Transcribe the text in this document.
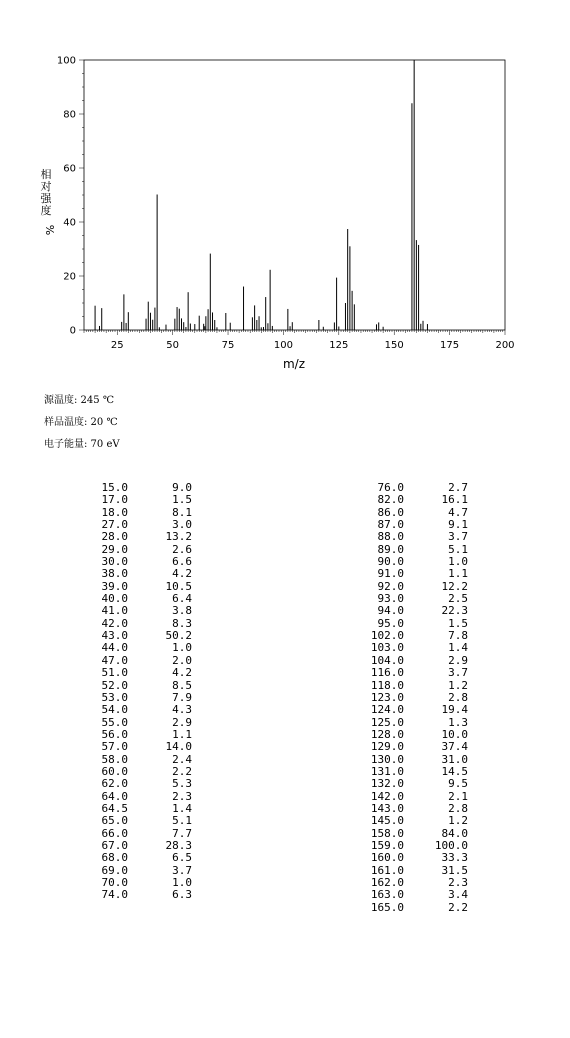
0
20
40
60
80
100
25	50	75	100	125	150	175	200
m/z
相
对
强
度
%
源温度: 245 ℃
样品温度: 20 ℃
电子能量: 70 eV
15.0	9.0
17.0	1.5
18.0	8.1
27.0	3.0
28.0	13.2
29.0	2.6
30.0	6.6
38.0	4.2
39.0	10.5
40.0	6.4
41.0	3.8
42.0	8.3
43.0	50.2
44.0	1.0
47.0	2.0
51.0	4.2
52.0	8.5
53.0	7.9
54.0	4.3
55.0	2.9
56.0	1.1
57.0	14.0
58.0	2.4
60.0	2.2
62.0	5.3
64.0	2.3
64.5	1.4
65.0	5.1
66.0	7.7
67.0	28.3
68.0	6.5
69.0	3.7
70.0	1.0
74.0	6.3
76.0	2.7
82.0	16.1
86.0	4.7
87.0	9.1
88.0	3.7
89.0	5.1
90.0	1.0
91.0	1.1
92.0	12.2
93.0	2.5
94.0	22.3
95.0	1.5
102.0	7.8
103.0	1.4
104.0	2.9
116.0	3.7
118.0	1.2
123.0	2.8
124.0	19.4
125.0	1.3
128.0	10.0
129.0	37.4
130.0	31.0
131.0	14.5
132.0	9.5
142.0	2.1
143.0	2.8
145.0	1.2
158.0	84.0
159.0	100.0
160.0	33.3
161.0	31.5
162.0	2.3
163.0	3.4
165.0	2.2
